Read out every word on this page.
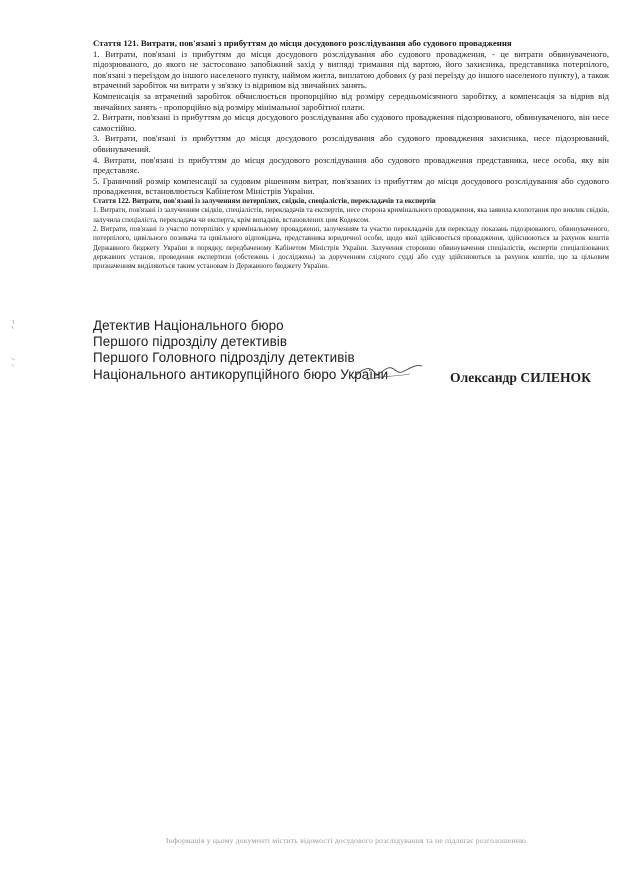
Стаття 121. Витрати, пов'язані з прибуттям до місця досудового розслідування або судового провадження

1. Витрати, пов'язані із прибуттям до місця досудового розслідування або судового провадження, - це витрати обвинуваченого, підозрюваного, до якого не застосовано запобіжний захід у вигляді тримання під вартою, його захисника, представника потерпілого, пов'язані з переїздом до іншого населеного пункту, наймом житла, виплатою добових (у разі переїзду до іншого населеного пункту), а також втрачений заробіток чи витрати у зв'язку із відривом від звичайних занять.

Компенсація за втрачений заробіток обчислюється пропорційно від розміру середньомісячного заробітку, а компенсація за відрив від звичайних занять - пропорційно від розміру мінімальної заробітної плати.

2. Витрати, пов'язані із прибуттям до місця досудового розслідування або судового провадження підозрюваного, обвинуваченого, він несе самостійно.

3. Витрати, пов'язані із прибуттям до місця досудового розслідування або судового провадження захисника, несе підозрюваний, обвинувачений.

4. Витрати, пов'язані із прибуттям до місця досудового розслідування або судового провадження представника, несе особа, яку він представляє.

5. Граничний розмір компенсації за судовим рішенням витрат, пов'язаних із прибуттям до місця досудового розслідування або судового провадження, встановлюється Кабінетом Міністрів України.

Стаття 122. Витрати, пов'язані із залученням потерпілих, свідків, спеціалістів, перекладачів та експертів

1. Витрати, пов'язані із залученням свідків, спеціалістів, перекладачів та експертів, несе сторона кримінального провадження, яка заявила клопотання про виклик свідків, залучила спеціаліста, перекладача чи експерта, крім випадків, встановлених цим Кодексом.

2. Витрати, пов'язані із участю потерпілих у кримінальному провадженні, залученням та участю перекладачів для перекладу показань підозрюваного, обвинуваченого, потерпілого, цивільного позивача та цивільного відповідача, представника юридичної особи, щодо якої здійснюється провадження, здійснюються за рахунок коштів Державного бюджету України в порядку, передбаченому Кабінетом Міністрів України. Залучення стороною обвинувачення спеціалістів, експертів спеціалізованих державних установ, проведення експертизи (обстежень і досліджень) за дорученням слідчого судді або суду здійснюються за рахунок коштів, що за цільовим призначенням виділяються таким установам із Державного бюджету України.

Детектив Національного бюро
Першого підрозділу детективів
Першого Головного підрозділу детективів
Національного антикорупційного бюро України	Олександр СИЛЕНОК
Інформація у цьому документі містить відомості досудового розслідування та не підлягає розголошенню.
